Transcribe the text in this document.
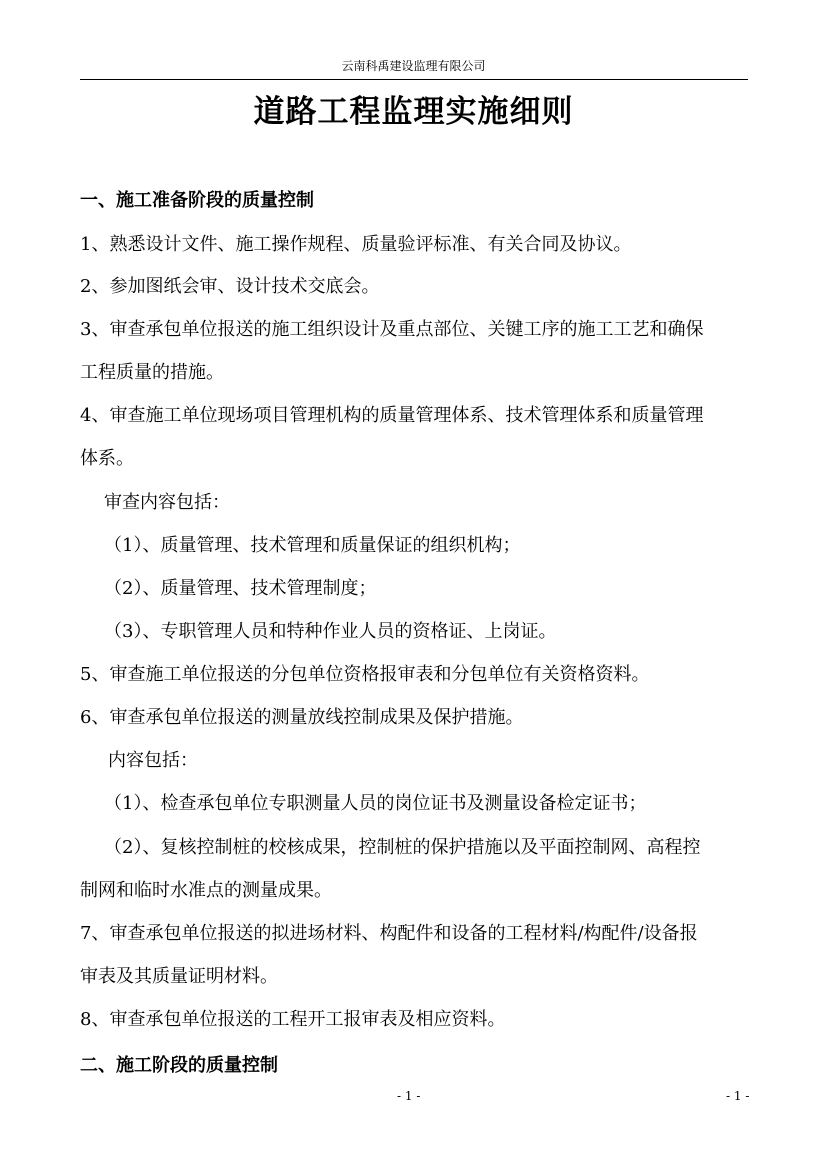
云南科禹建设监理有限公司
道路工程监理实施细则
一、施工准备阶段的质量控制
1、熟悉设计文件、施工操作规程、质量验评标准、有关合同及协议。
2、参加图纸会审、设计技术交底会。
3、审查承包单位报送的施工组织设计及重点部位、关键工序的施工工艺和确保
工程质量的措施。
4、审查施工单位现场项目管理机构的质量管理体系、技术管理体系和质量管理
体系。
审查内容包括：
（1）、质量管理、技术管理和质量保证的组织机构；
（2）、质量管理、技术管理制度；
（3）、专职管理人员和特种作业人员的资格证、上岗证。
5、审查施工单位报送的分包单位资格报审表和分包单位有关资格资料。
6、审查承包单位报送的测量放线控制成果及保护措施。
内容包括：
（1）、检查承包单位专职测量人员的岗位证书及测量设备检定证书；
（2）、复核控制桩的校核成果，控制桩的保护措施以及平面控制网、高程控
制网和临时水准点的测量成果。
7、审查承包单位报送的拟进场材料、构配件和设备的工程材料/构配件/设备报
审表及其质量证明材料。
8、审查承包单位报送的工程开工报审表及相应资料。
二、施工阶段的质量控制
- 1 -	- 1 -
